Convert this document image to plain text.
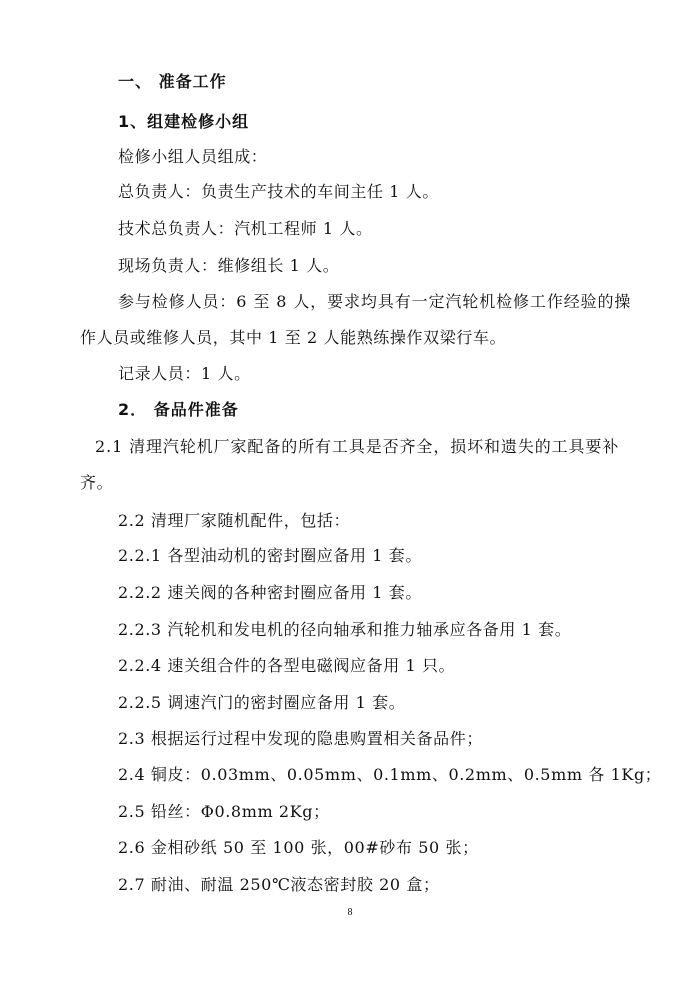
一、 准备工作
1、组建检修小组
检修小组人员组成：
总负责人：负责生产技术的车间主任 1 人。
技术总负责人：汽机工程师 1 人。
现场负责人：维修组长 1 人。
参与检修人员：6 至 8 人，要求均具有一定汽轮机检修工作经验的操
作人员或维修人员，其中 1 至 2 人能熟练操作双梁行车。
记录人员：1 人。
2． 备品件准备
2.1 清理汽轮机厂家配备的所有工具是否齐全，损坏和遗失的工具要补
齐。
2.2 清理厂家随机配件，包括：
2.2.1 各型油动机的密封圈应备用 1 套。
2.2.2 速关阀的各种密封圈应备用 1 套。
2.2.3 汽轮机和发电机的径向轴承和推力轴承应各备用 1 套。
2.2.4 速关组合件的各型电磁阀应备用 1 只。
2.2.5 调速汽门的密封圈应备用 1 套。
2.3 根据运行过程中发现的隐患购置相关备品件；
2.4 铜皮：0.03mm、0.05mm、0.1mm、0.2mm、0.5mm 各 1Kg；
2.5 铅丝：Φ0.8mm 2Kg；
2.6 金相砂纸 50 至 100 张，00#砂布 50 张；
2.7 耐油、耐温 250℃液态密封胶 20 盒；
8
